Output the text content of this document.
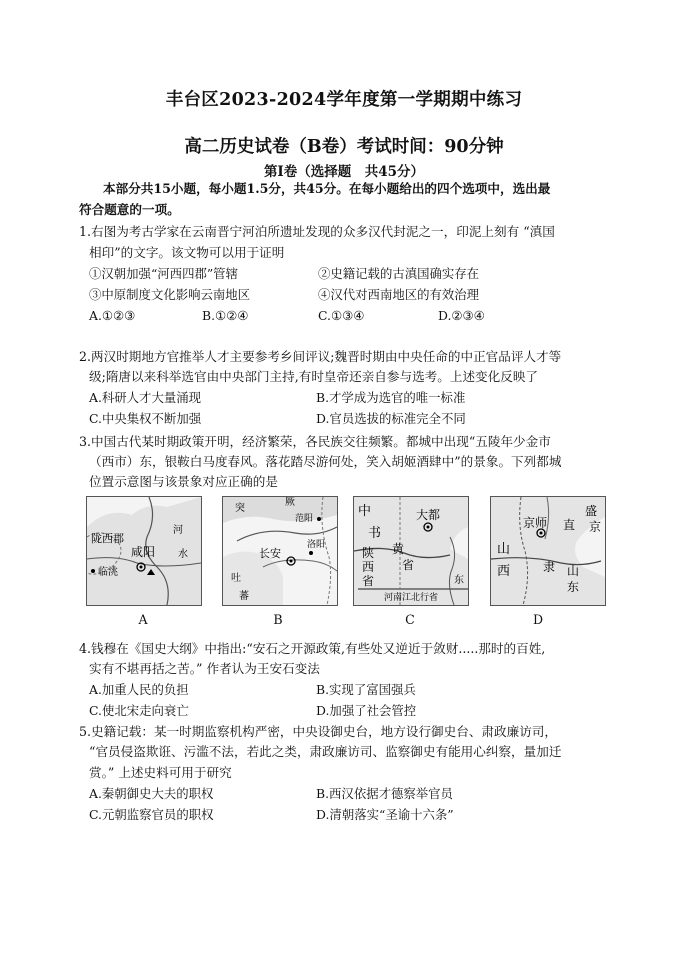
丰台区2023-2024学年度第一学期期中练习
高二历史试卷（B卷）考试时间：90分钟
第Ⅰ卷（选择题　共45分）
本部分共15小题，每小题1.5分，共45分。在每小题给出的四个选项中，选出最
符合题意的一项。
1.右图为考古学家在云南晋宁河泊所遗址发现的众多汉代封泥之一，印泥上刻有 “滇国
相印”的文字。该文物可以用于证明
①汉朝加强“河西四郡”管辖	②史籍记载的古滇国确实存在
③中原制度文化影响云南地区	④汉代对西南地区的有效治理
A.①②③	B.①②④	C.①③④	D.②③④
2.两汉时期地方官推举人才主要参考乡间评议;魏晋时期由中央任命的中正官品评人才等
级;隋唐以来科举选官由中央部门主持,有时皇帝还亲自参与选考。上述变化反映了
A.科研人才大量涌现	B.才学成为选官的唯一标准
C.中央集权不断加强	D.官员选拔的标准完全不同
3.中国古代某时期政策开明，经济繁荣，各民族交往频繁。都城中出现“五陵年少金市
（西市）东，银鞍白马度春风。落花踏尽游何处，笑入胡姬酒肆中”的景象。下列都城
位置示意图与该景象对应正确的是
陇西郡
咸阳
临洮
河
水
A
突
厥
范阳
长安
洛阳
吐
蕃
B
中	大都
书
陕
西
省
黄
省
河南江北行省
东
C
京师 直
盛
京
山
西	隶 山
东
D
4.钱穆在《国史大纲》中指出:“安石之开源政策,有些处又逆近于敛财.....那时的百姓,
实有不堪再括之苦。” 作者认为王安石变法
A.加重人民的负担	B.实现了富国强兵
C.使北宋走向衰亡	D.加强了社会管控
5.史籍记载：某一时期监察机构严密，中央设御史台，地方设行御史台、肃政廉访司，
“官员侵盗欺诳、污滥不法，若此之类，肃政廉访司、监察御史有能用心纠察，量加迁
赏。” 上述史料可用于研究
A.秦朝御史大夫的职权	B.西汉依据才德察举官员
C.元朝监察官员的职权	D.清朝落实“圣谕十六条”
